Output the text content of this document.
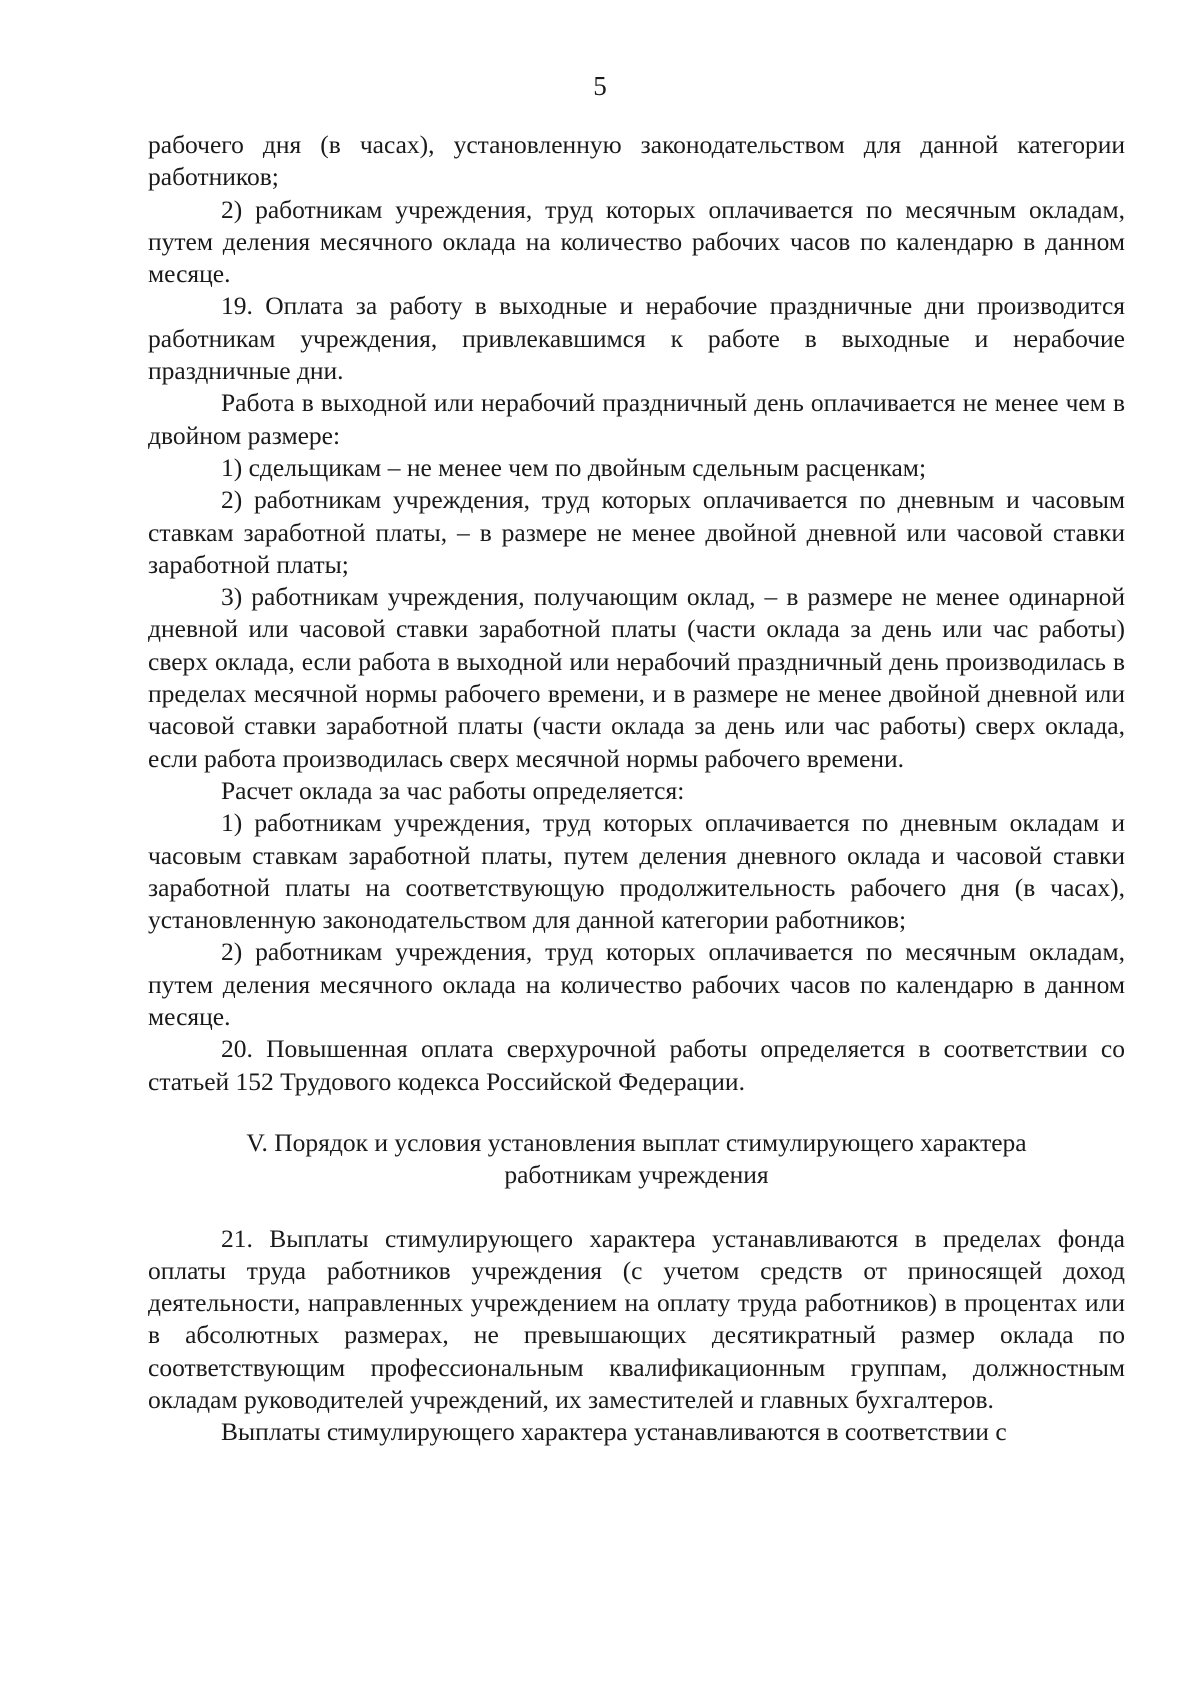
5

рабочего дня (в часах), установленную законодательством для данной категории работников;

2) работникам учреждения, труд которых оплачивается по месячным окладам, путем деления месячного оклада на количество рабочих часов по календарю в данном месяце.

19. Оплата за работу в выходные и нерабочие праздничные дни производится работникам учреждения, привлекавшимся к работе в выходные и нерабочие праздничные дни.

Работа в выходной или нерабочий праздничный день оплачивается не менее чем в двойном размере:

1) сдельщикам – не менее чем по двойным сдельным расценкам;

2) работникам учреждения, труд которых оплачивается по дневным и часовым ставкам заработной платы, – в размере не менее двойной дневной или часовой ставки заработной платы;

3) работникам учреждения, получающим оклад, – в размере не менее одинарной дневной или часовой ставки заработной платы (части оклада за день или час работы) сверх оклада, если работа в выходной или нерабочий праздничный день производилась в пределах месячной нормы рабочего времени, и в размере не менее двойной дневной или часовой ставки заработной платы (части оклада за день или час работы) сверх оклада, если работа производилась сверх месячной нормы рабочего времени.

Расчет оклада за час работы определяется:

1) работникам учреждения, труд которых оплачивается по дневным окладам и часовым ставкам заработной платы, путем деления дневного оклада и часовой ставки заработной платы на соответствующую продолжительность рабочего дня (в часах), установленную законодательством для данной категории работников;

2) работникам учреждения, труд которых оплачивается по месячным окладам, путем деления месячного оклада на количество рабочих часов по календарю в данном месяце.

20. Повышенная оплата сверхурочной работы определяется в соответствии со статьей 152 Трудового кодекса Российской Федерации.

V. Порядок и условия установления выплат стимулирующего характера

работникам учреждения

21. Выплаты стимулирующего характера устанавливаются в пределах фонда оплаты труда работников учреждения (с учетом средств от приносящей доход деятельности, направленных учреждением на оплату труда работников) в процентах или в абсолютных размерах, не превышающих десятикратный размер оклада по соответствующим профессиональным квалификационным группам, должностным окладам руководителей учреждений, их заместителей и главных бухгалтеров.

Выплаты стимулирующего характера устанавливаются в соответствии с
